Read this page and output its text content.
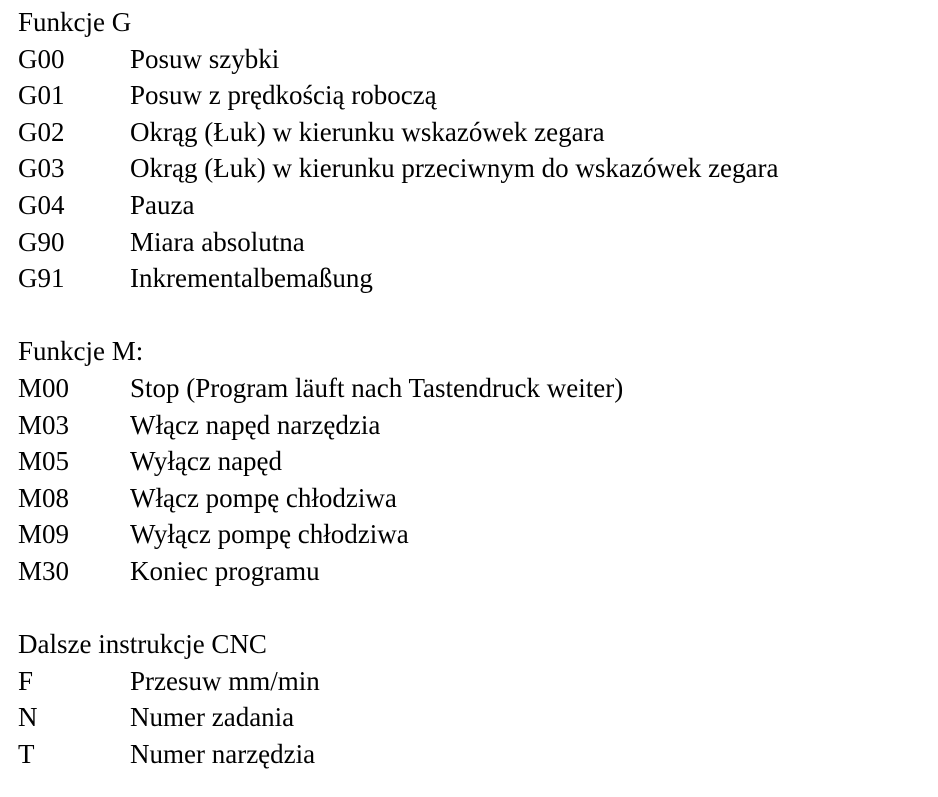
Funkcje G
G00	Posuw szybki
G01	Posuw z prędkością roboczą
G02	Okrąg (Łuk) w kierunku wskazówek zegara
G03	Okrąg (Łuk) w kierunku przeciwnym do wskazówek zegara
G04	Pauza
G90	Miara absolutna
G91	Inkrementalbemaßung
Funkcje M:
M00	Stop (Program läuft nach Tastendruck weiter)
M03	Włącz napęd narzędzia
M05	Wyłącz napęd
M08	Włącz pompę chłodziwa
M09	Wyłącz pompę chłodziwa
M30	Koniec programu
Dalsze instrukcje CNC
F	Przesuw mm/min
N	Numer zadania
T	Numer narzędzia
